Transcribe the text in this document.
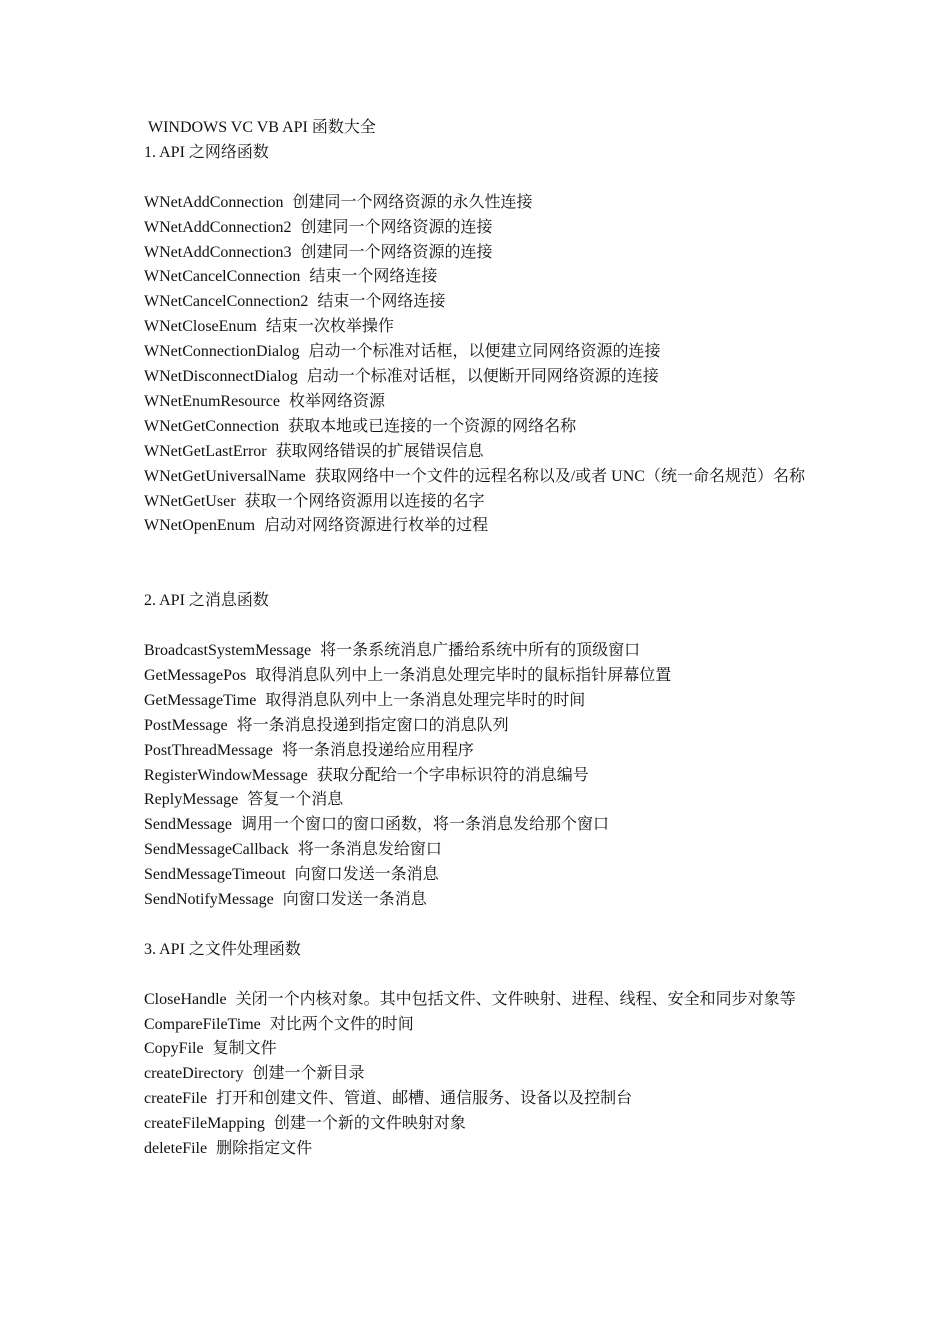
WINDOWS VC VB API 函数大全
1. API 之网络函数
WNetAddConnection 创建同一个网络资源的永久性连接
WNetAddConnection2 创建同一个网络资源的连接
WNetAddConnection3 创建同一个网络资源的连接
WNetCancelConnection 结束一个网络连接
WNetCancelConnection2 结束一个网络连接
WNetCloseEnum 结束一次枚举操作
WNetConnectionDialog 启动一个标准对话框，以便建立同网络资源的连接
WNetDisconnectDialog 启动一个标准对话框，以便断开同网络资源的连接
WNetEnumResource 枚举网络资源
WNetGetConnection 获取本地或已连接的一个资源的网络名称
WNetGetLastError 获取网络错误的扩展错误信息
WNetGetUniversalName 获取网络中一个文件的远程名称以及/或者 UNC（统一命名规范）名称
WNetGetUser 获取一个网络资源用以连接的名字
WNetOpenEnum 启动对网络资源进行枚举的过程
2. API 之消息函数
BroadcastSystemMessage 将一条系统消息广播给系统中所有的顶级窗口
GetMessagePos 取得消息队列中上一条消息处理完毕时的鼠标指针屏幕位置
GetMessageTime 取得消息队列中上一条消息处理完毕时的时间
PostMessage 将一条消息投递到指定窗口的消息队列
PostThreadMessage 将一条消息投递给应用程序
RegisterWindowMessage 获取分配给一个字串标识符的消息编号
ReplyMessage 答复一个消息
SendMessage 调用一个窗口的窗口函数，将一条消息发给那个窗口
SendMessageCallback 将一条消息发给窗口
SendMessageTimeout 向窗口发送一条消息
SendNotifyMessage 向窗口发送一条消息
3. API 之文件处理函数
CloseHandle 关闭一个内核对象。其中包括文件、文件映射、进程、线程、安全和同步对象等
CompareFileTime 对比两个文件的时间
CopyFile 复制文件
createDirectory 创建一个新目录
createFile 打开和创建文件、管道、邮槽、通信服务、设备以及控制台
createFileMapping 创建一个新的文件映射对象
deleteFile 删除指定文件
